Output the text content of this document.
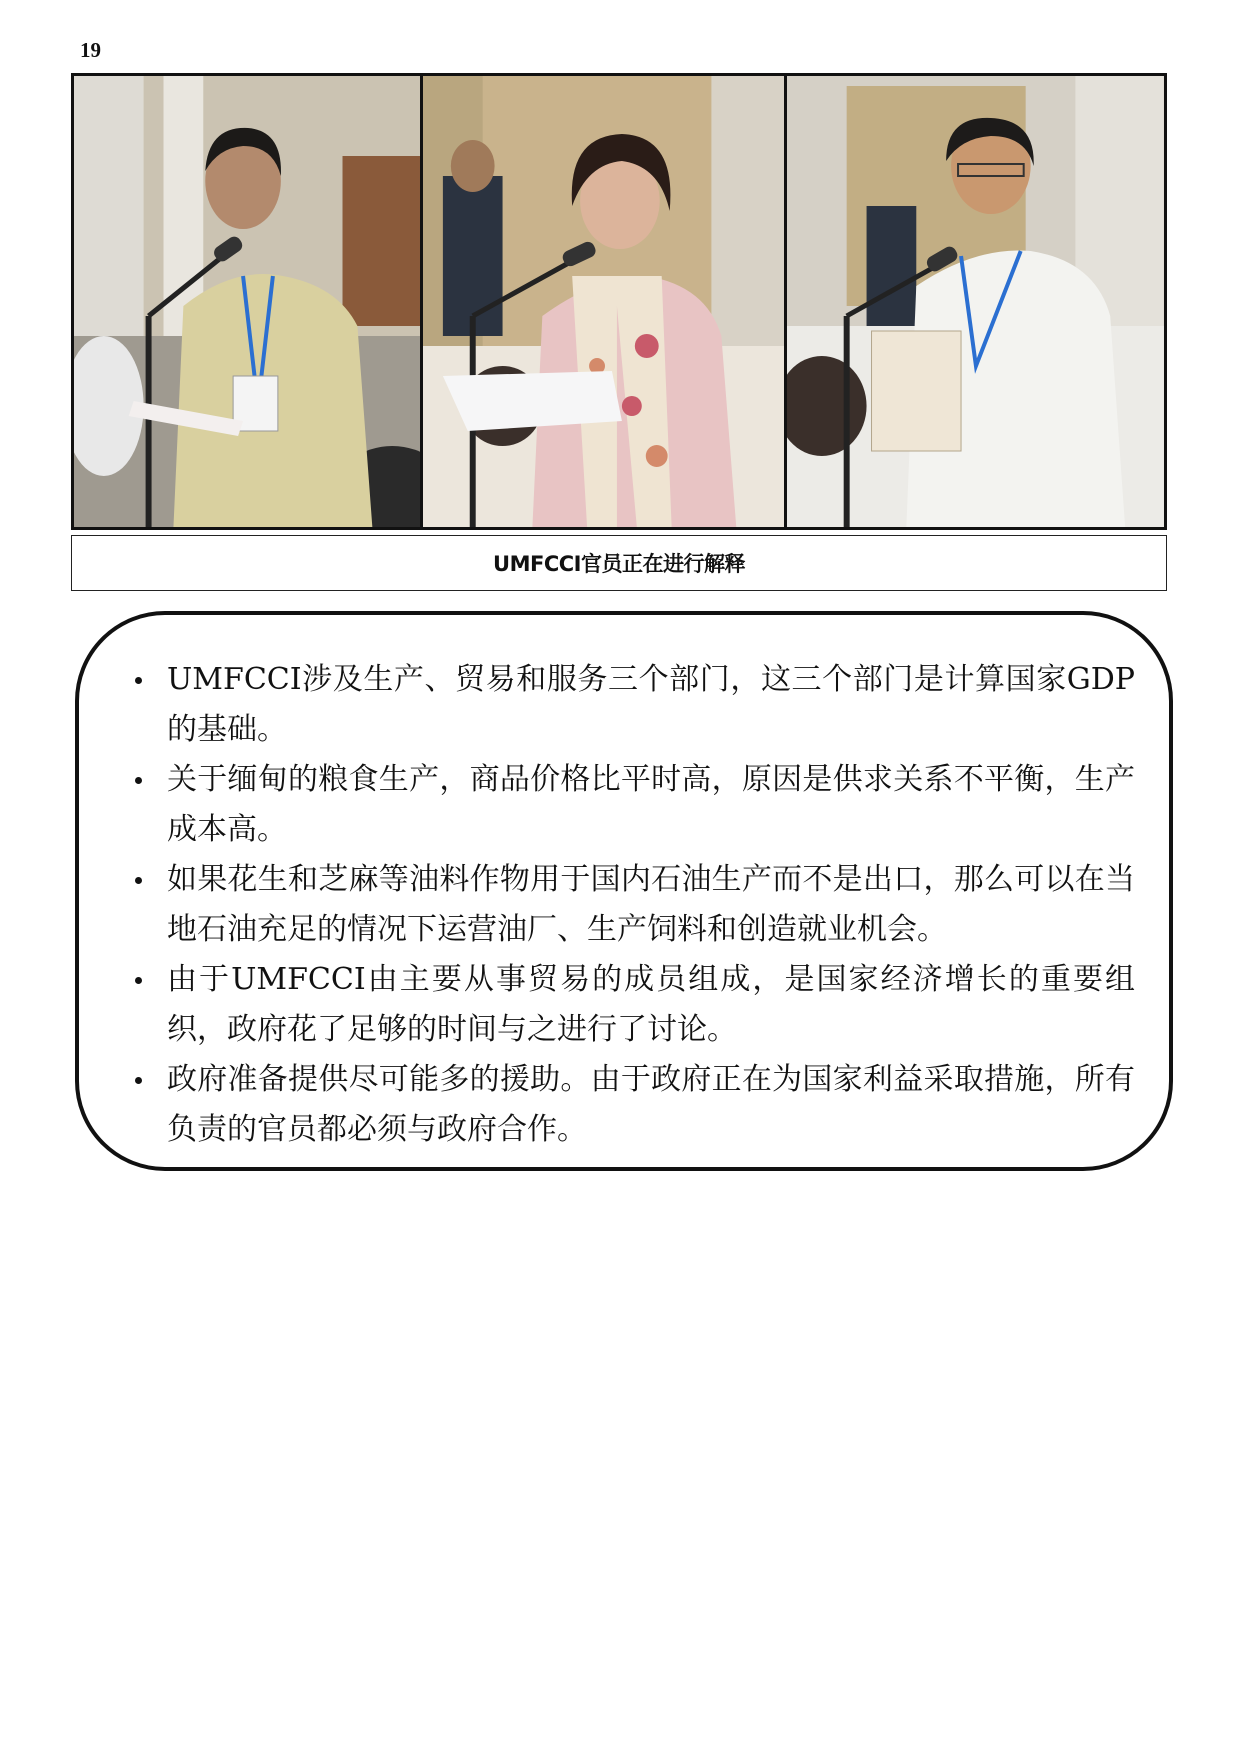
19
UMFCCI官员正在进行解释
UMFCCI涉及生产、贸易和服务三个部门，这三个部门是计算国家GDP的基础。
关于缅甸的粮食生产，商品价格比平时高，原因是供求关系不平衡，生产成本高。
如果花生和芝麻等油料作物用于国内石油生产而不是出口，那么可以在当地石油充足的情况下运营油厂、生产饲料和创造就业机会。
由于UMFCCI由主要从事贸易的成员组成，是国家经济增长的重要组织，政府花了足够的时间与之进行了讨论。
政府准备提供尽可能多的援助。由于政府正在为国家利益采取措施，所有负责的官员都必须与政府合作。
